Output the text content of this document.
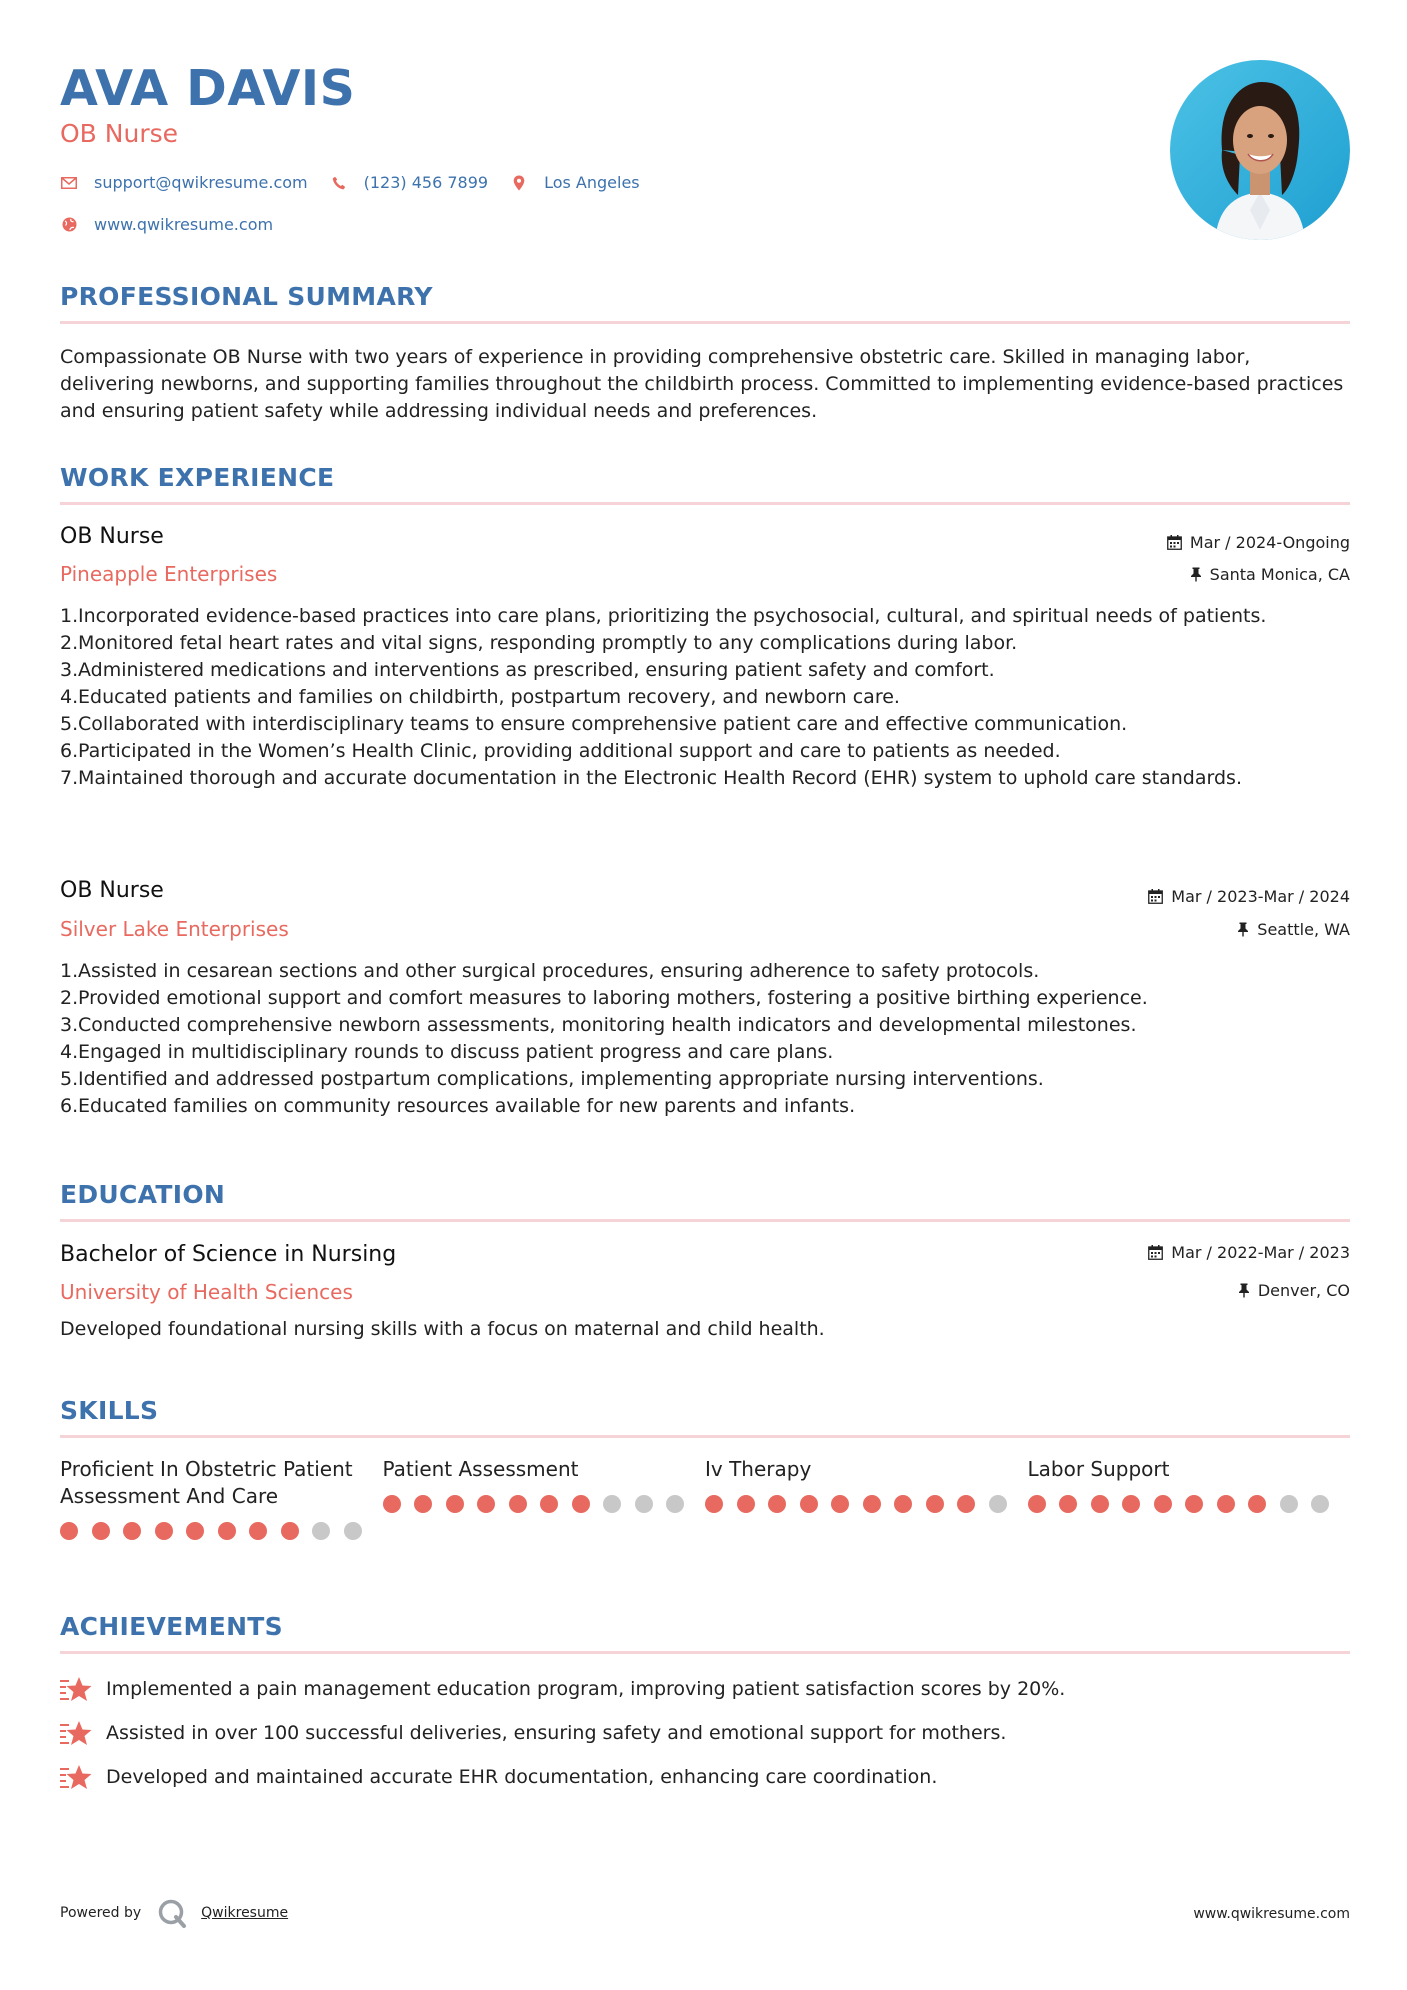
AVA DAVIS
OB Nurse
support@qwikresume.com	(123) 456 7899	Los Angeles
www.qwikresume.com
PROFESSIONAL SUMMARY

Compassionate OB Nurse with two years of experience in providing comprehensive obstetric care. Skilled in managing labor, delivering newborns, and supporting families throughout the childbirth process. Committed to implementing evidence-based practices and ensuring patient safety while addressing individual needs and preferences.

WORK EXPERIENCE
OB Nurse	Mar / 2024-Ongoing
Pineapple Enterprises	Santa Monica, CA
1. Incorporated evidence-based practices into care plans, prioritizing the psychosocial, cultural, and spiritual needs of patients.
2. Monitored fetal heart rates and vital signs, responding promptly to any complications during labor.
3. Administered medications and interventions as prescribed, ensuring patient safety and comfort.
4. Educated patients and families on childbirth, postpartum recovery, and newborn care.
5. Collaborated with interdisciplinary teams to ensure comprehensive patient care and effective communication.
6. Participated in the Women’s Health Clinic, providing additional support and care to patients as needed.
7. Maintained thorough and accurate documentation in the Electronic Health Record (EHR) system to uphold care standards.
OB Nurse	Mar / 2023-Mar / 2024
Silver Lake Enterprises	Seattle, WA
1. Assisted in cesarean sections and other surgical procedures, ensuring adherence to safety protocols.
2. Provided emotional support and comfort measures to laboring mothers, fostering a positive birthing experience.
3. Conducted comprehensive newborn assessments, monitoring health indicators and developmental milestones.
4. Engaged in multidisciplinary rounds to discuss patient progress and care plans.
5. Identified and addressed postpartum complications, implementing appropriate nursing interventions.
6. Educated families on community resources available for new parents and infants.
EDUCATION
Bachelor of Science in Nursing	Mar / 2022-Mar / 2023
University of Health Sciences	Denver, CO

Developed foundational nursing skills with a focus on maternal and child health.

SKILLS
Proficient In Obstetric Patient Assessment And Care
Patient Assessment	Iv Therapy	Labor Support
ACHIEVEMENTS
Implemented a pain management education program, improving patient satisfaction scores by 20%.
Assisted in over 100 successful deliveries, ensuring safety and emotional support for mothers.
Developed and maintained accurate EHR documentation, enhancing care coordination.
Powered by	Qwikresume	www.qwikresume.com
